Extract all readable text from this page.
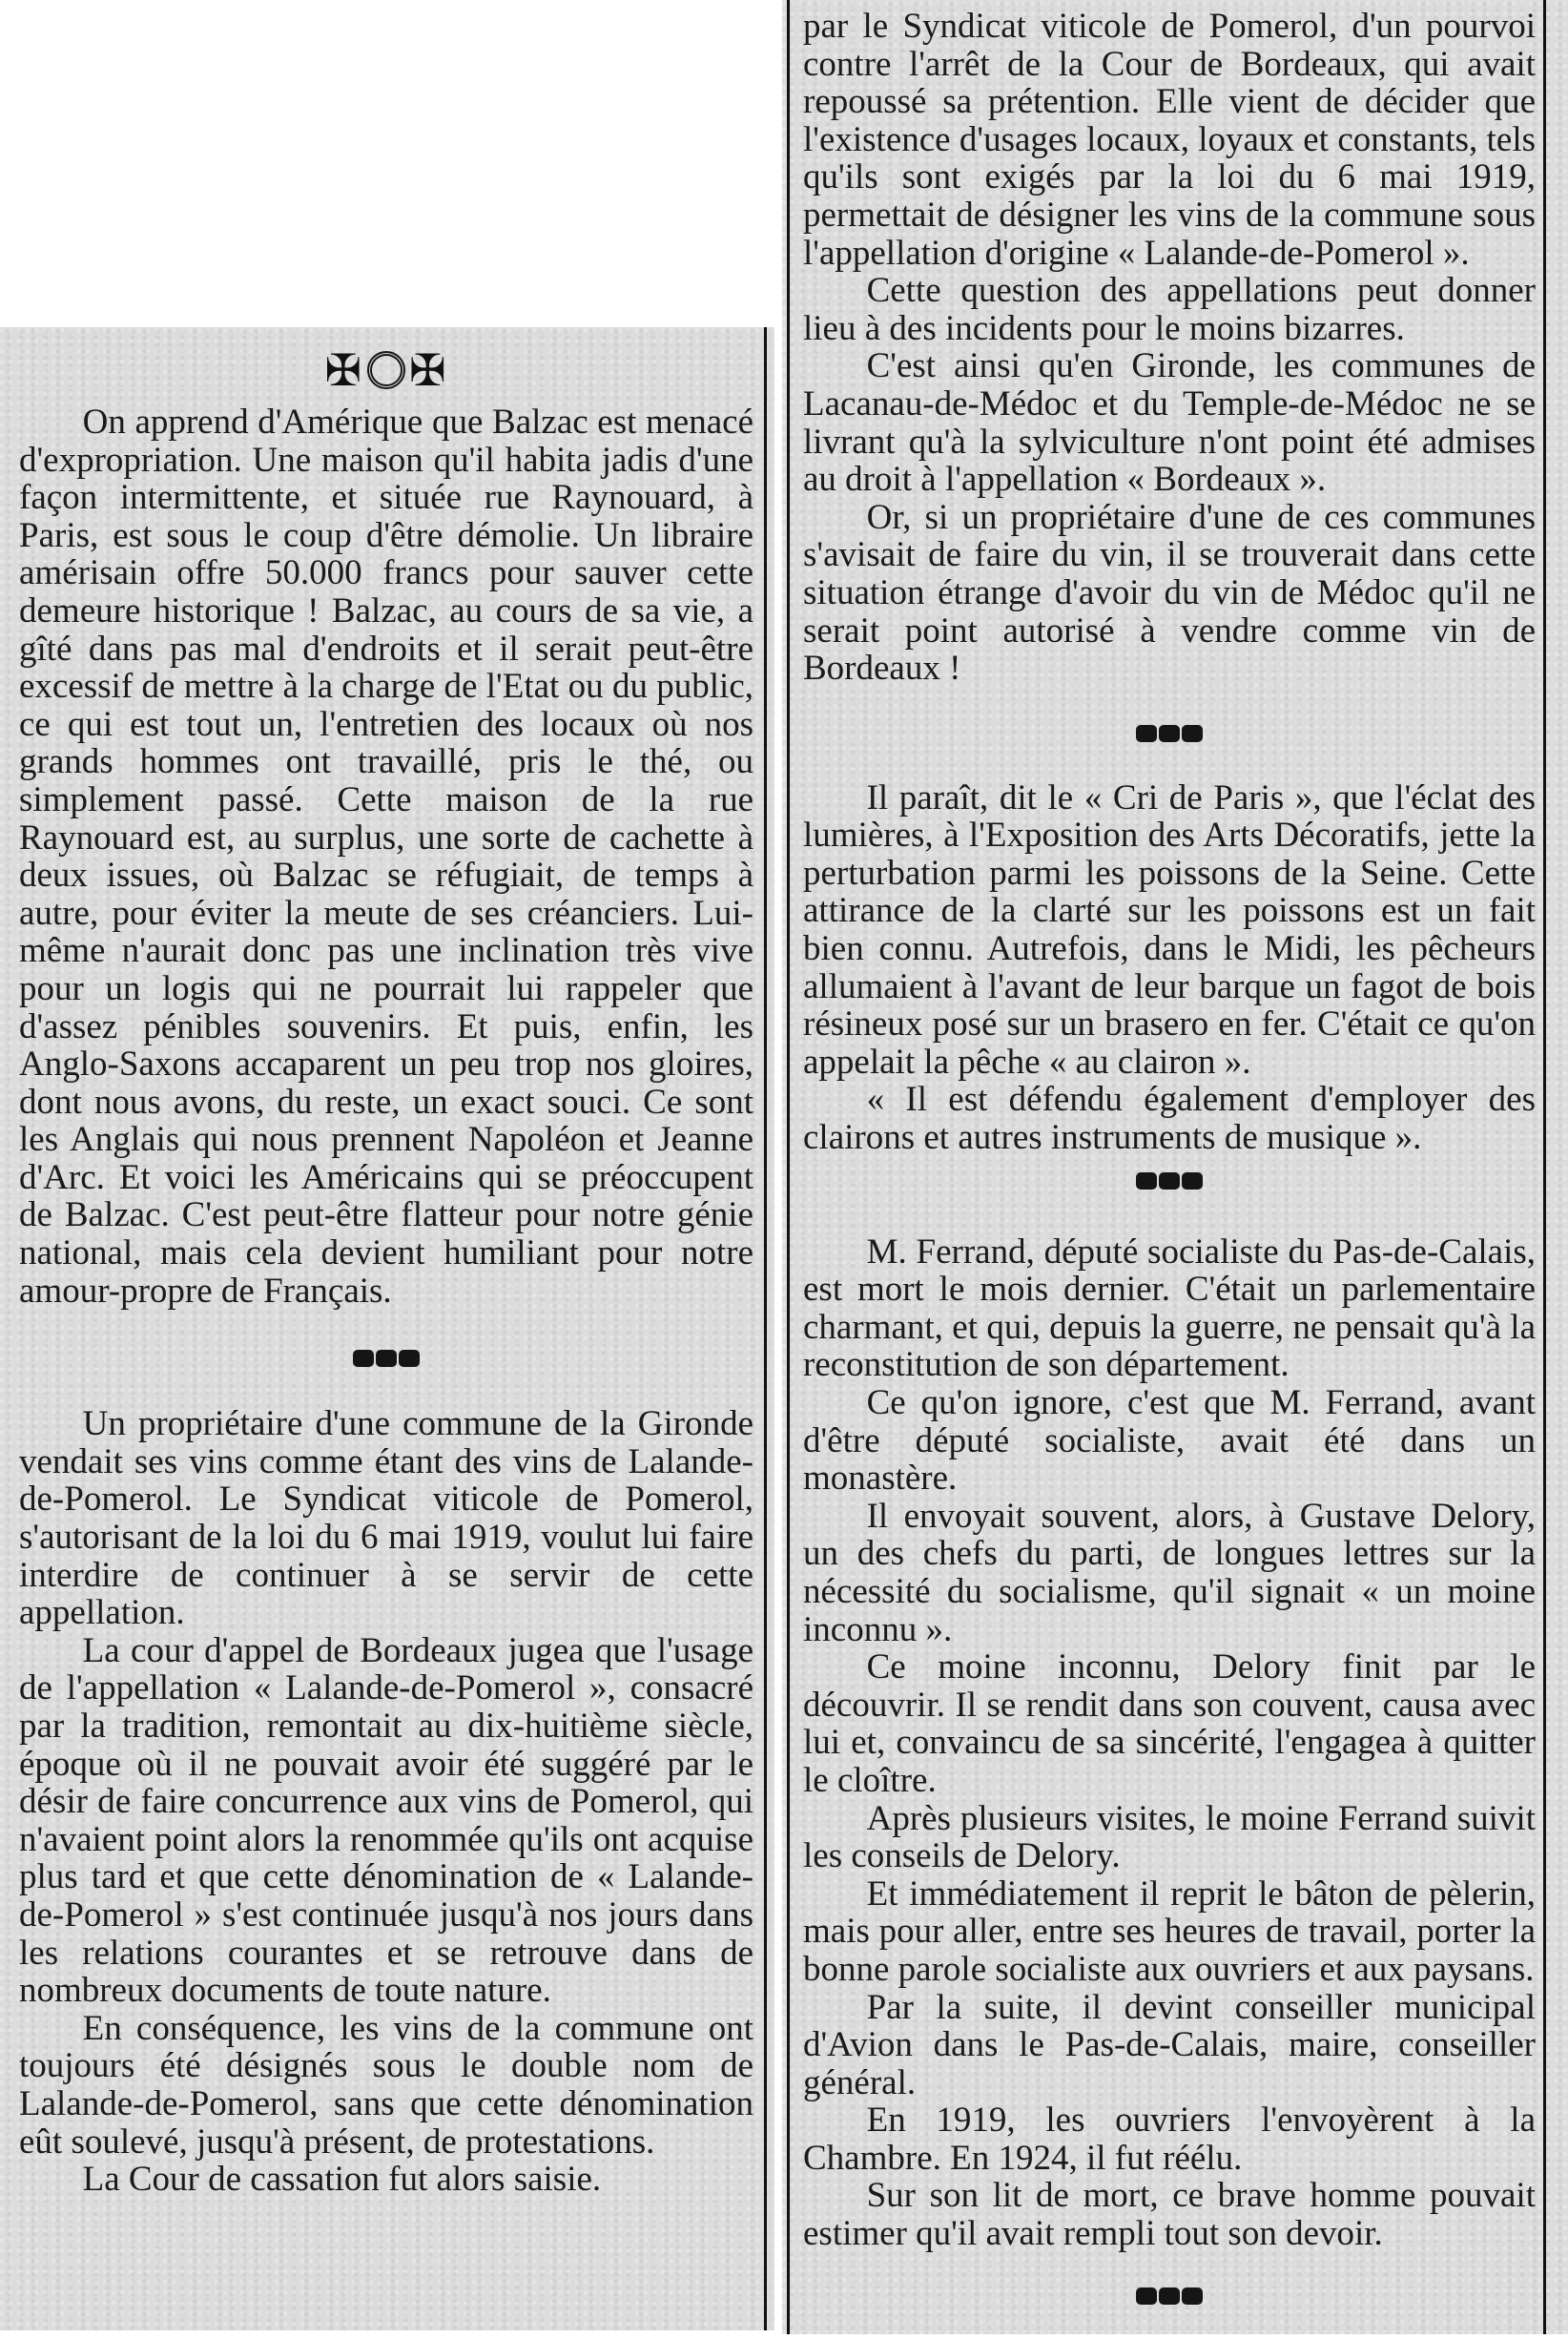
✠ ✠

On apprend d'Amérique que Balzac est menacé d'expropriation. Une maison qu'il habita jadis d'une façon intermittente, et située rue Raynouard, à Paris, est sous le coup d'être démolie. Un libraire amérisain offre 50.000 francs pour sauver cette demeure historique ! Balzac, au cours de sa vie, a gîté dans pas mal d'endroits et il serait peut-être excessif de mettre à la charge de l'Etat ou du public, ce qui est tout un, l'entretien des locaux où nos grands hommes ont travaillé, pris le thé, ou simplement passé. Cette maison de la rue Raynouard est, au surplus, une sorte de cachette à deux issues, où Balzac se réfugiait, de temps à autre, pour éviter la meute de ses créanciers. Lui-même n'aurait donc pas une inclination très vive pour un logis qui ne pourrait lui rappeler que d'assez pénibles souvenirs. Et puis, enfin, les Anglo-Saxons accaparent un peu trop nos gloires, dont nous avons, du reste, un exact souci. Ce sont les Anglais qui nous prennent Napoléon et Jeanne d'Arc. Et voici les Américains qui se préoccupent de Balzac. C'est peut-être flatteur pour notre génie national, mais cela devient humiliant pour notre amour-propre de Français.

Un propriétaire d'une commune de la Gironde vendait ses vins comme étant des vins de Lalande-de-Pomerol. Le Syndicat viticole de Pomerol, s'autorisant de la loi du 6 mai 1919, voulut lui faire interdire de continuer à se servir de cette appellation.

La cour d'appel de Bordeaux jugea que l'usage de l'appellation « Lalande-de-Pomerol », consacré par la tradition, remontait au dix-huitième siècle, époque où il ne pouvait avoir été suggéré par le désir de faire concurrence aux vins de Pomerol, qui n'avaient point alors la renommée qu'ils ont acquise plus tard et que cette dénomination de « Lalande-de-Pomerol » s'est continuée jusqu'à nos jours dans les relations courantes et se retrouve dans de nombreux documents de toute nature.

En conséquence, les vins de la commune ont toujours été désignés sous le double nom de Lalande-de-Pomerol, sans que cette dénomination eût soulevé, jusqu'à présent, de protestations.

La Cour de cassation fut alors saisie.

par le Syndicat viticole de Pomerol, d'un pourvoi contre l'arrêt de la Cour de Bordeaux, qui avait repoussé sa prétention. Elle vient de décider que l'existence d'usages locaux, loyaux et constants, tels qu'ils sont exigés par la loi du 6 mai 1919, permettait de désigner les vins de la commune sous l'appellation d'origine « Lalande-de-Pomerol ».

Cette question des appellations peut donner lieu à des incidents pour le moins bizarres.

C'est ainsi qu'en Gironde, les communes de Lacanau-de-Médoc et du Temple-de-Médoc ne se livrant qu'à la sylviculture n'ont point été admises au droit à l'appellation « Bordeaux ».

Or, si un propriétaire d'une de ces communes s'avisait de faire du vin, il se trouverait dans cette situation étrange d'avoir du vin de Médoc qu'il ne serait point autorisé à vendre comme vin de Bordeaux !

Il paraît, dit le « Cri de Paris », que l'éclat des lumières, à l'Exposition des Arts Décoratifs, jette la perturbation parmi les poissons de la Seine. Cette attirance de la clarté sur les poissons est un fait bien connu. Autrefois, dans le Midi, les pêcheurs allumaient à l'avant de leur barque un fagot de bois résineux posé sur un brasero en fer. C'était ce qu'on appelait la pêche « au clairon ».

« Il est défendu également d'employer des clairons et autres instruments de musique ».

M. Ferrand, député socialiste du Pas-de-Calais, est mort le mois dernier. C'était un parlementaire charmant, et qui, depuis la guerre, ne pensait qu'à la reconstitution de son département.

Ce qu'on ignore, c'est que M. Ferrand, avant d'être député socialiste, avait été dans un monastère.

Il envoyait souvent, alors, à Gustave Delory, un des chefs du parti, de longues lettres sur la nécessité du socialisme, qu'il signait « un moine inconnu ».

Ce moine inconnu, Delory finit par le découvrir. Il se rendit dans son couvent, causa avec lui et, convaincu de sa sincérité, l'engagea à quitter le cloître.

Après plusieurs visites, le moine Ferrand suivit les conseils de Delory.

Et immédiatement il reprit le bâton de pèlerin, mais pour aller, entre ses heures de travail, porter la bonne parole socialiste aux ouvriers et aux paysans.

Par la suite, il devint conseiller municipal d'Avion dans le Pas-de-Calais, maire, conseiller général.

En 1919, les ouvriers l'envoyèrent à la Chambre. En 1924, il fut réélu.

Sur son lit de mort, ce brave homme pouvait estimer qu'il avait rempli tout son devoir.
